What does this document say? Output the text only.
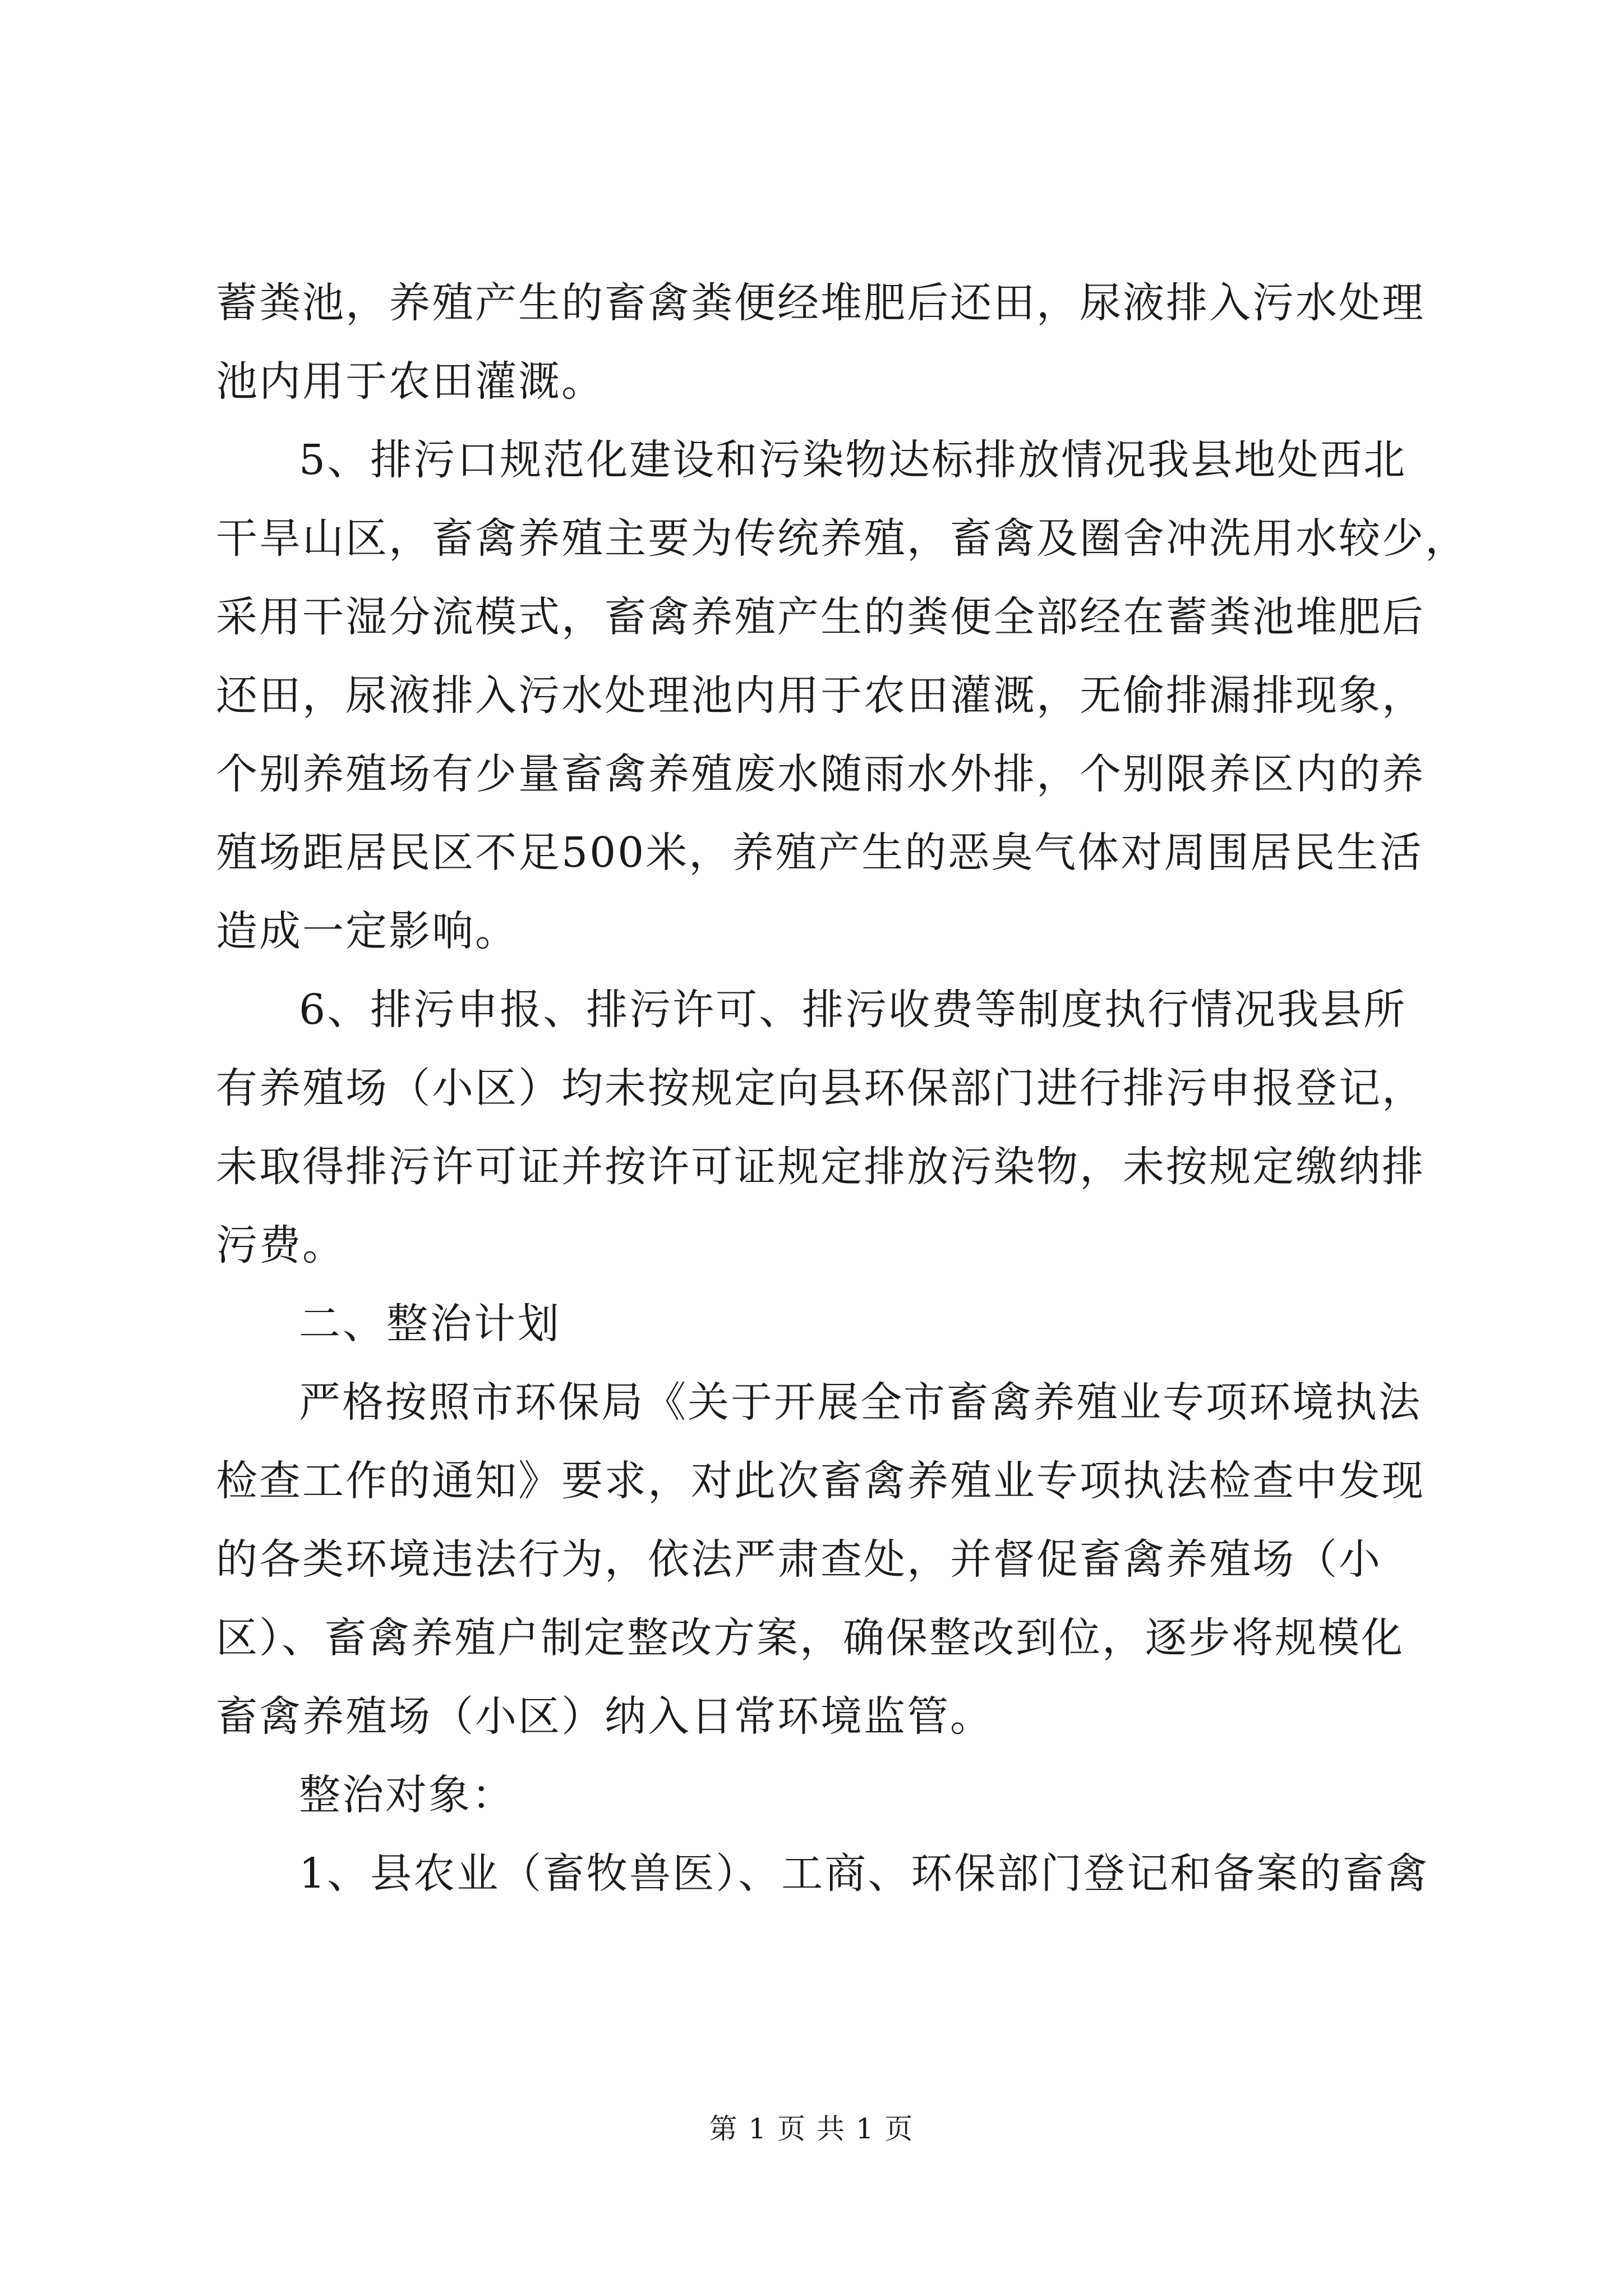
蓄粪池，养殖产生的畜禽粪便经堆肥后还田，尿液排入污水处理
池内用于农田灌溉。
5、排污口规范化建设和污染物达标排放情况我县地处西北
干旱山区，畜禽养殖主要为传统养殖，畜禽及圈舍冲洗用水较少，
采用干湿分流模式，畜禽养殖产生的粪便全部经在蓄粪池堆肥后
还田，尿液排入污水处理池内用于农田灌溉，无偷排漏排现象，
个别养殖场有少量畜禽养殖废水随雨水外排，个别限养区内的养
殖场距居民区不足500米，养殖产生的恶臭气体对周围居民生活
造成一定影响。
6、排污申报、排污许可、排污收费等制度执行情况我县所
有养殖场（小区）均未按规定向县环保部门进行排污申报登记，
未取得排污许可证并按许可证规定排放污染物，未按规定缴纳排
污费。
二、整治计划
严格按照市环保局《关于开展全市畜禽养殖业专项环境执法
检查工作的通知》要求，对此次畜禽养殖业专项执法检查中发现
的各类环境违法行为，依法严肃查处，并督促畜禽养殖场（小
区）、畜禽养殖户制定整改方案，确保整改到位，逐步将规模化
畜禽养殖场（小区）纳入日常环境监管。
整治对象：
1、县农业（畜牧兽医）、工商、环保部门登记和备案的畜禽
第 1 页 共 1 页
